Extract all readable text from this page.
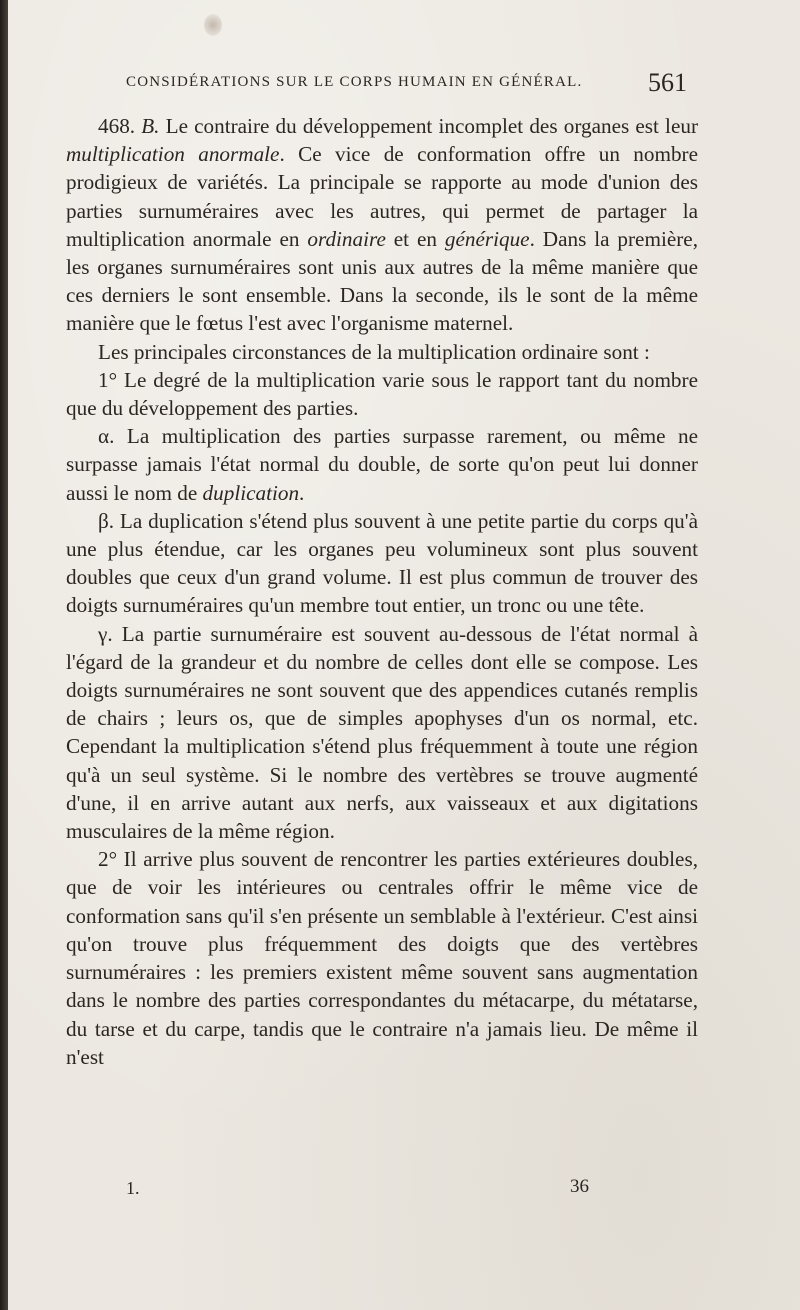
CONSIDÉRATIONS SUR LE CORPS HUMAIN EN GÉNÉRAL.	561

468. B. Le contraire du développement incomplet des organes est leur multiplication anormale. Ce vice de conformation offre un nombre prodigieux de variétés. La principale se rapporte au mode d'union des parties surnuméraires avec les autres, qui permet de partager la multiplication anormale en ordinaire et en générique. Dans la première, les organes surnuméraires sont unis aux autres de la même manière que ces derniers le sont ensemble. Dans la seconde, ils le sont de la même manière que le fœtus l'est avec l'organisme maternel.

Les principales circonstances de la multiplication ordinaire sont :

1° Le degré de la multiplication varie sous le rapport tant du nombre que du développement des parties.

α. La multiplication des parties surpasse rarement, ou même ne surpasse jamais l'état normal du double, de sorte qu'on peut lui donner aussi le nom de duplication.

β. La duplication s'étend plus souvent à une petite partie du corps qu'à une plus étendue, car les organes peu volumineux sont plus souvent doubles que ceux d'un grand volume. Il est plus commun de trouver des doigts surnuméraires qu'un membre tout entier, un tronc ou une tête.

γ. La partie surnuméraire est souvent au-dessous de l'état normal à l'égard de la grandeur et du nombre de celles dont elle se compose. Les doigts surnuméraires ne sont souvent que des appendices cutanés remplis de chairs ; leurs os, que de simples apophyses d'un os normal, etc. Cependant la multiplication s'étend plus fréquemment à toute une région qu'à un seul système. Si le nombre des vertèbres se trouve augmenté d'une, il en arrive autant aux nerfs, aux vaisseaux et aux digitations musculaires de la même région.

2° Il arrive plus souvent de rencontrer les parties extérieures doubles, que de voir les intérieures ou centrales offrir le même vice de conformation sans qu'il s'en présente un semblable à l'extérieur. C'est ainsi qu'on trouve plus fréquemment des doigts que des vertèbres surnuméraires : les premiers existent même souvent sans augmentation dans le nombre des parties correspondantes du métacarpe, du métatarse, du tarse et du carpe, tandis que le contraire n'a jamais lieu. De même il n'est

1.	36
